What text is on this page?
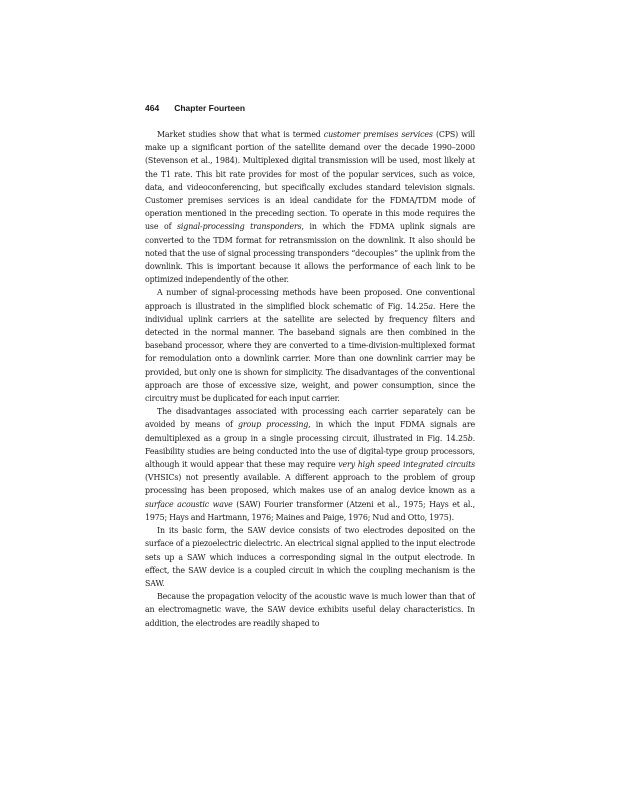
464 Chapter Fourteen

Market studies show that what is termed customer premises services (CPS) will make up a significant portion of the satellite demand over the decade 1990–2000 (Stevenson et al., 1984). Multiplexed digital transmission will be used, most likely at the T1 rate. This bit rate provides for most of the popular services, such as voice, data, and videoconferencing, but specifically excludes standard television signals. Customer premises services is an ideal candidate for the FDMA/TDM mode of operation mentioned in the preceding section. To operate in this mode requires the use of signal-processing transponders, in which the FDMA uplink signals are converted to the TDM format for retransmission on the downlink. It also should be noted that the use of signal processing transponders “decouples” the uplink from the downlink. This is important because it allows the performance of each link to be optimized independently of the other.

A number of signal-processing methods have been proposed. One conventional approach is illustrated in the simplified block schematic of Fig. 14.25a. Here the individual uplink carriers at the satellite are selected by frequency filters and detected in the normal manner. The baseband signals are then combined in the baseband processor, where they are converted to a time-division-multiplexed format for remodulation onto a downlink carrier. More than one downlink carrier may be provided, but only one is shown for simplicity. The disadvantages of the conventional approach are those of excessive size, weight, and power consumption, since the circuitry must be duplicated for each input carrier.

The disadvantages associated with processing each carrier separately can be avoided by means of group processing, in which the input FDMA signals are demultiplexed as a group in a single processing circuit, illustrated in Fig. 14.25b. Feasibility studies are being conducted into the use of digital-type group processors, although it would appear that these may require very high speed integrated circuits (VHSICs) not presently available. A different approach to the problem of group processing has been proposed, which makes use of an analog device known as a surface acoustic wave (SAW) Fourier transformer (Atzeni et al., 1975; Hays et al., 1975; Hays and Hartmann, 1976; Maines and Paige, 1976; Nud and Otto, 1975).

In its basic form, the SAW device consists of two electrodes deposited on the surface of a piezoelectric dielectric. An electrical signal applied to the input electrode sets up a SAW which induces a corresponding signal in the output electrode. In effect, the SAW device is a coupled circuit in which the coupling mechanism is the SAW.

Because the propagation velocity of the acoustic wave is much lower than that of an electromagnetic wave, the SAW device exhibits useful delay characteristics. In addition, the electrodes are readily shaped to
